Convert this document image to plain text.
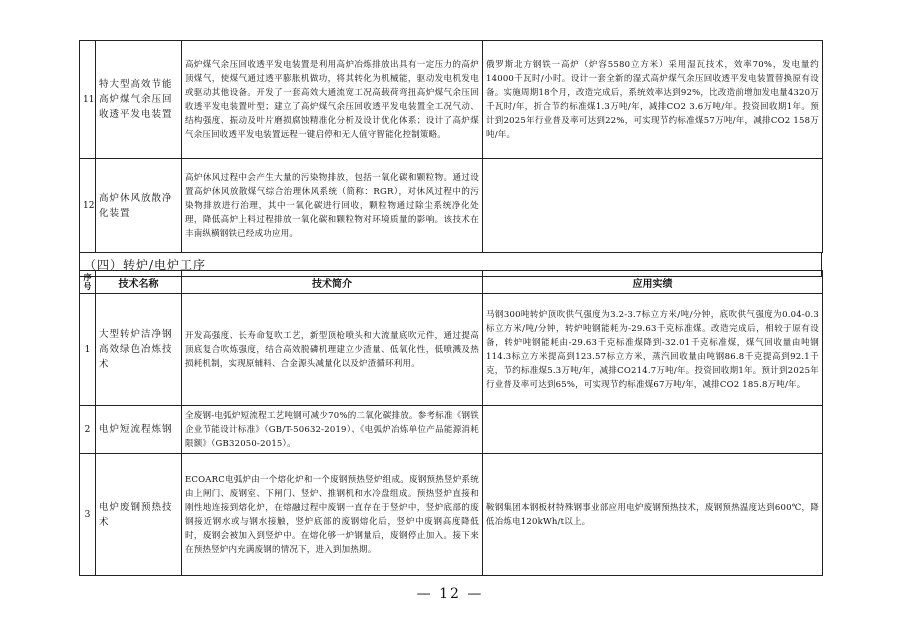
11	特大型高效节能高炉煤气余压回收透平发电装置	高炉煤气余压回收透平发电装置是利用高炉冶炼排放出具有一定压力的高炉顶煤气，使煤气通过透平膨胀机做功，将其转化为机械能，驱动发电机发电或驱动其他设备。开发了一套高效大通流宽工况高载荷弯扭高炉煤气余压回收透平发电装置叶型；建立了高炉煤气余压回收透平发电装置全工况气动、结构强度、振动及叶片磨损腐蚀精准化分析及设计优化体系；设计了高炉煤气余压回收透平发电装置远程一键启停和无人值守智能化控制策略。	俄罗斯北方钢铁一高炉（炉容5580立方米）采用湿瓦技术，效率70%，发电量约14000千瓦时/小时。设计一套全新的湿式高炉煤气余压回收透平发电装置替换原有设备。实施周期18个月，改造完成后，系统效率达到92%，比改造前增加发电量4320万千瓦时/年，折合节约标准煤1.3万吨/年，减排CO2 3.6万吨/年。投资回收期1年。预计到2025年行业普及率可达到22%，可实现节约标准煤57万吨/年，减排CO2 158万吨/年。
12	高炉休风放散净化装置	高炉休风过程中会产生大量的污染物排放，包括一氧化碳和颗粒物。通过设置高炉休风放散煤气综合治理休风系统（简称：RGR），对休风过程中的污染物排放进行治理，其中一氧化碳进行回收，颗粒物通过除尘系统净化处理，降低高炉上料过程排放一氧化碳和颗粒物对环境质量的影响。该技术在丰南纵横钢铁已经成功应用。	
（四）转炉/电炉工序
序号	技术名称	技术简介	应用实绩
1	大型转炉洁净钢高效绿色冶炼技术	开发高强度、长寿命复吹工艺，新型顶枪喷头和大流量底吹元件，通过提高顶底复合吹炼强度，结合高效脱磷机理建立少渣量、低氧化性，低喷溅及热损耗机制，实现原辅料、合金源头减量化以及炉渣循环利用。	马钢300吨转炉顶吹供气强度为3.2-3.7标立方米/吨/分钟，底吹供气强度为0.04-0.3标立方米/吨/分钟，转炉吨钢能耗为-29.63千克标准煤。改造完成后，相较于原有设备，转炉吨钢能耗由-29.63千克标准煤降到-32.01千克标准煤，煤气回收量由吨钢114.3标立方米提高到123.57标立方米，蒸汽回收量由吨钢86.8千克提高到92.1千克，节约标准煤5.3万吨/年，减排CO214.7万吨/年。投资回收期1年。预计到2025年行业普及率可达到65%，可实现节约标准煤67万吨/年，减排CO2 185.8万吨/年。
2	电炉短流程炼钢	全废钢-电弧炉短流程工艺吨钢可减少70%的二氧化碳排放。参考标准《钢铁企业节能设计标准》（GB/T-50632-2019）、《电弧炉冶炼单位产品能源消耗限额》（GB32050-2015）。	
3	电炉废钢预热技术	ECOARC电弧炉由一个熔化炉和一个废钢预热竖炉组成。废钢预热竖炉系统由上闸门、废钢室、下闸门、竖炉、推钢机和水冷盘组成。预热竖炉直接和刚性地连接到熔化炉，在熔融过程中废钢一直存在于竖炉中，竖炉底部的废钢接近钢水或与钢水接触，竖炉底部的废钢熔化后，竖炉中废钢高度降低时，废钢会被加入到竖炉中。在熔化够一炉钢量后，废钢停止加入。接下来在预热竖炉内充满废钢的情况下，进入到加热期。	鞍钢集团本钢板材特殊钢事业部应用电炉废钢预热技术，废钢预热温度达到600℃，降低冶炼电120kWh/t以上。
— 12 —
